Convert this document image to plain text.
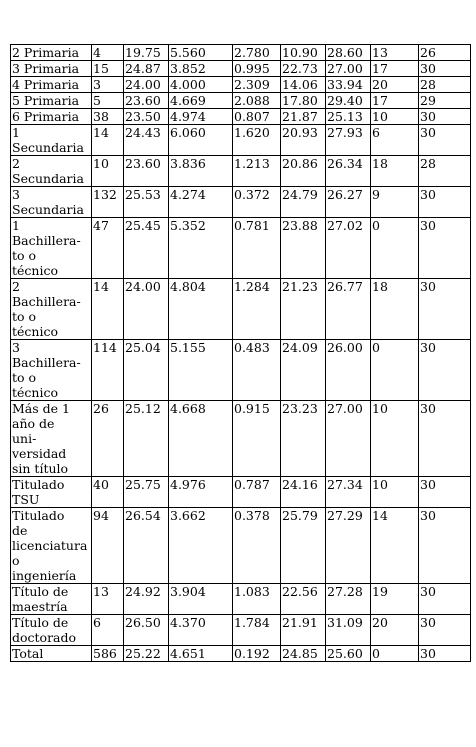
2 Primaria	4	19.75	5.560	2.780	10.90	28.60	13	26
3 Primaria	15	24.87	3.852	0.995	22.73	27.00	17	30
4 Primaria	3	24.00	4.000	2.309	14.06	33.94	20	28
5 Primaria	5	23.60	4.669	2.088	17.80	29.40	17	29
6 Primaria	38	23.50	4.974	0.807	21.87	25.13	10	30
1
Secundaria	14	24.43	6.060	1.620	20.93	27.93	6	30
2
Secundaria	10	23.60	3.836	1.213	20.86	26.34	18	28
3
Secundaria	132	25.53	4.274	0.372	24.79	26.27	9	30
1
Bachillera-
to o
técnico	47	25.45	5.352	0.781	23.88	27.02	0	30
2
Bachillera-
to o
técnico	14	24.00	4.804	1.284	21.23	26.77	18	30
3
Bachillera-
to o
técnico	114	25.04	5.155	0.483	24.09	26.00	0	30
Más de 1
año de
uni-
versidad
sin título	26	25.12	4.668	0.915	23.23	27.00	10	30
Titulado
TSU	40	25.75	4.976	0.787	24.16	27.34	10	30
Titulado
de
licenciatura
o
ingeniería	94	26.54	3.662	0.378	25.79	27.29	14	30
Título de
maestría	13	24.92	3.904	1.083	22.56	27.28	19	30
Título de
doctorado	6	26.50	4.370	1.784	21.91	31.09	20	30
Total	586	25.22	4.651	0.192	24.85	25.60	0	30
